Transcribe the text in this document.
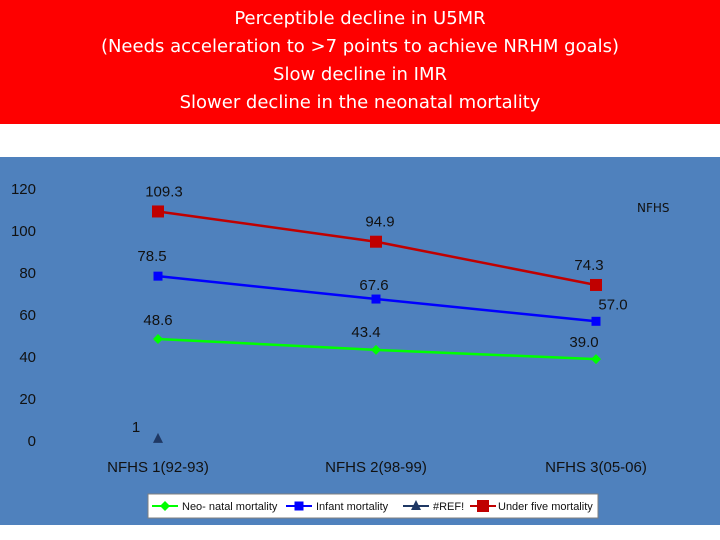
Perceptible decline in U5MR
(Needs acceleration to >7 points to achieve NRHM goals)
Slow decline in IMR
Slower decline in the neonatal mortality
0
20
40
60
80
100
120
NFHS 1(92-93)	NFHS 2(98-99)	NFHS 3(05-06)
48.6
43.4
39.0
78.5
67.6
57.0
1
109.3
94.9
74.3
Neo- natal mortality	Infant mortality	#REF!	Under five mortality
NFHS
